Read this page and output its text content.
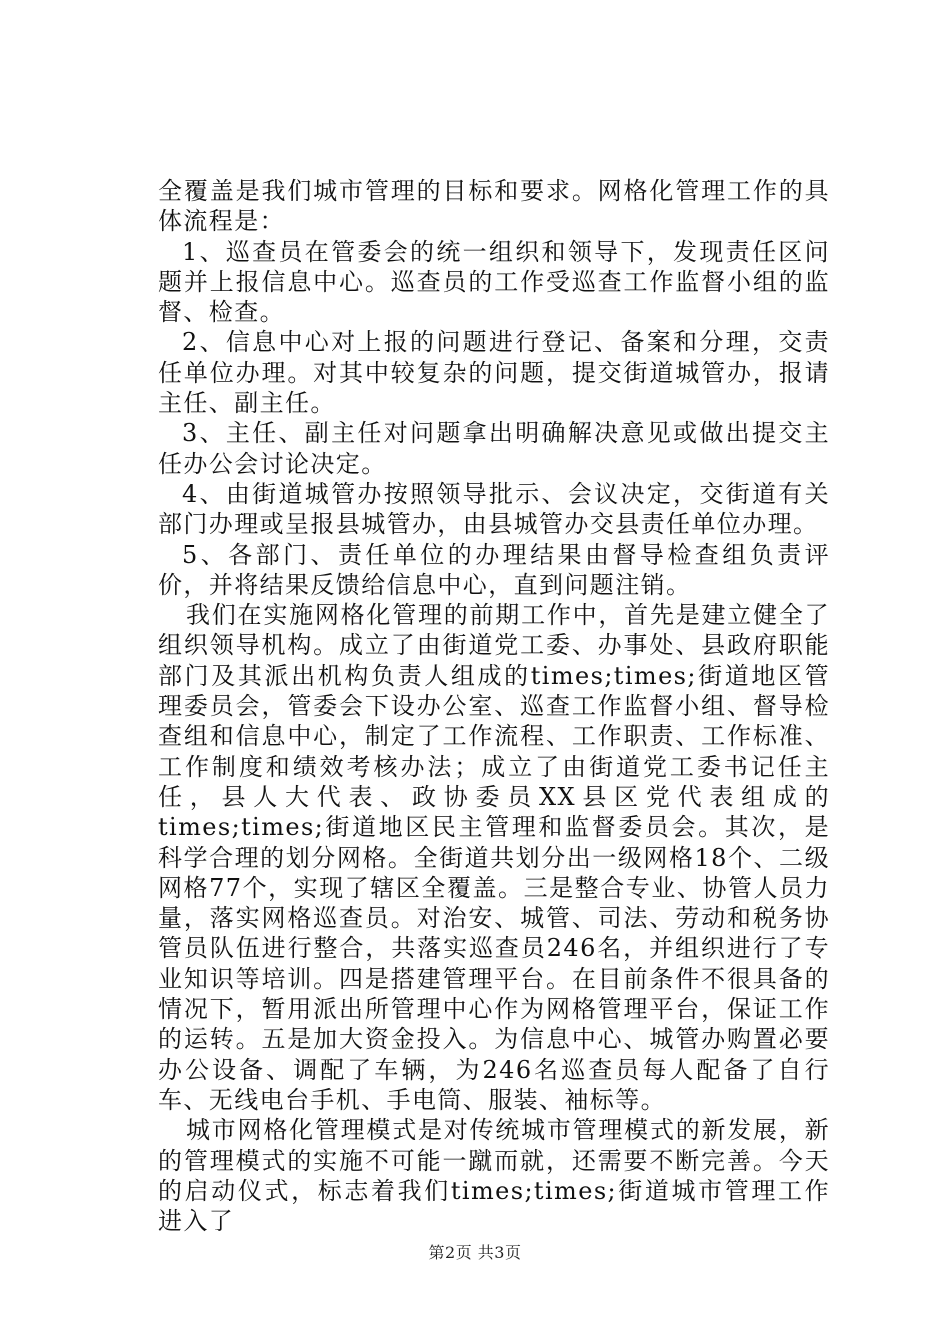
全覆盖是我们城市管理的目标和要求。网格化管理工作的具体流程是：

1、巡查员在管委会的统一组织和领导下，发现责任区问题并上报信息中心。巡查员的工作受巡查工作监督小组的监督、检查。

2、信息中心对上报的问题进行登记、备案和分理，交责任单位办理。对其中较复杂的问题，提交街道城管办，报请主任、副主任。

3、主任、副主任对问题拿出明确解决意见或做出提交主任办公会讨论决定。

4、由街道城管办按照领导批示、会议决定，交街道有关部门办理或呈报县城管办，由县城管办交县责任单位办理。

5、各部门、责任单位的办理结果由督导检查组负责评价，并将结果反馈给信息中心，直到问题注销。

我们在实施网格化管理的前期工作中，首先是建立健全了组织领导机构。成立了由街道党工委、办事处、县政府职能部门及其派出机构负责人组成的times;times;街道地区管理委员会，管委会下设办公室、巡查工作监督小组、督导检查组和信息中心，制定了工作流程、工作职责、工作标准、工作制度和绩效考核办法；成立了由街道党工委书记任主任，县人大代表、政协委员XX县区党代表组成的times;times;街道地区民主管理和监督委员会。其次，是科学合理的划分网格。全街道共划分出一级网格18个、二级网格77个，实现了辖区全覆盖。三是整合专业、协管人员力量，落实网格巡查员。对治安、城管、司法、劳动和税务协管员队伍进行整合，共落实巡查员246名，并组织进行了专业知识等培训。四是搭建管理平台。在目前条件不很具备的情况下，暂用派出所管理中心作为网格管理平台，保证工作的运转。五是加大资金投入。为信息中心、城管办购置必要办公设备、调配了车辆，为246名巡查员每人配备了自行车、无线电台手机、手电筒、服装、袖标等。

城市网格化管理模式是对传统城市管理模式的新发展，新的管理模式的实施不可能一蹴而就，还需要不断完善。今天的启动仪式，标志着我们times;times;街道城市管理工作进入了

第2页 共3页
